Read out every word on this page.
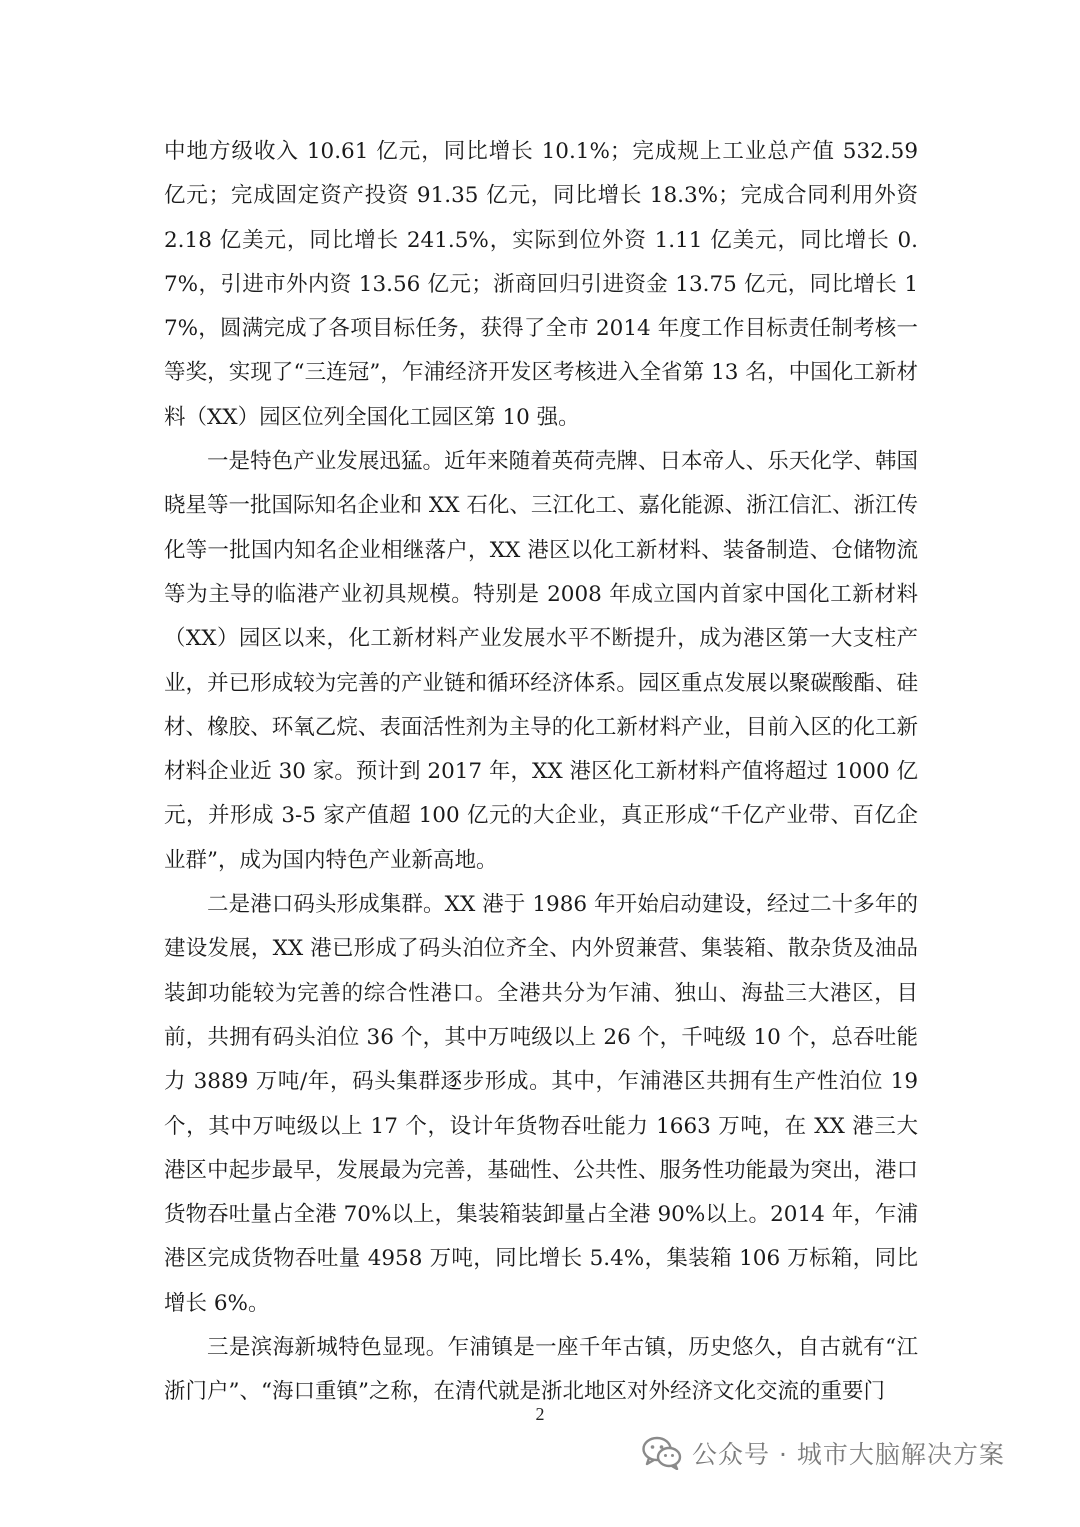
中地方级收入 10.61 亿元，同比增长 10.1%；完成规上工业总产值 532.59 亿元；完成固定资产投资 91.35 亿元，同比增长 18.3%；完成合同利用外资 2.18 亿美元，同比增长 241.5%，实际到位外资 1.11 亿美元，同比增长 0.7%，引进市外内资 13.56 亿元；浙商回归引进资金 13.75 亿元，同比增长 17%，圆满完成了各项目标任务，获得了全市 2014 年度工作目标责任制考核一等奖，实现了“三连冠”，乍浦经济开发区考核进入全省第 13 名，中国化工新材料（XX）园区位列全国化工园区第 10 强。

一是特色产业发展迅猛。近年来随着英荷壳牌、日本帝人、乐天化学、韩国晓星等一批国际知名企业和 XX 石化、三江化工、嘉化能源、浙江信汇、浙江传化等一批国内知名企业相继落户，XX 港区以化工新材料、装备制造、仓储物流等为主导的临港产业初具规模。特别是 2008 年成立国内首家中国化工新材料（XX）园区以来，化工新材料产业发展水平不断提升，成为港区第一大支柱产业，并已形成较为完善的产业链和循环经济体系。园区重点发展以聚碳酸酯、硅材、橡胶、环氧乙烷、表面活性剂为主导的化工新材料产业，目前入区的化工新材料企业近 30 家。预计到 2017 年，XX 港区化工新材料产值将超过 1000 亿元，并形成 3-5 家产值超 100 亿元的大企业，真正形成“千亿产业带、百亿企业群”，成为国内特色产业新高地。

二是港口码头形成集群。XX 港于 1986 年开始启动建设，经过二十多年的建设发展，XX 港已形成了码头泊位齐全、内外贸兼营、集装箱、散杂货及油品装卸功能较为完善的综合性港口。全港共分为乍浦、独山、海盐三大港区，目前，共拥有码头泊位 36 个，其中万吨级以上 26 个，千吨级 10 个，总吞吐能力 3889 万吨/年，码头集群逐步形成。其中，乍浦港区共拥有生产性泊位 19 个，其中万吨级以上 17 个，设计年货物吞吐能力 1663 万吨，在 XX 港三大港区中起步最早，发展最为完善，基础性、公共性、服务性功能最为突出，港口货物吞吐量占全港 70%以上，集装箱装卸量占全港 90%以上。2014 年，乍浦港区完成货物吞吐量 4958 万吨，同比增长 5.4%，集装箱 106 万标箱，同比增长 6%。

三是滨海新城特色显现。乍浦镇是一座千年古镇，历史悠久，自古就有“江浙门户”、“海口重镇”之称，在清代就是浙北地区对外经济文化交流的重要门

2
公众号 · 城市大脑解决方案
